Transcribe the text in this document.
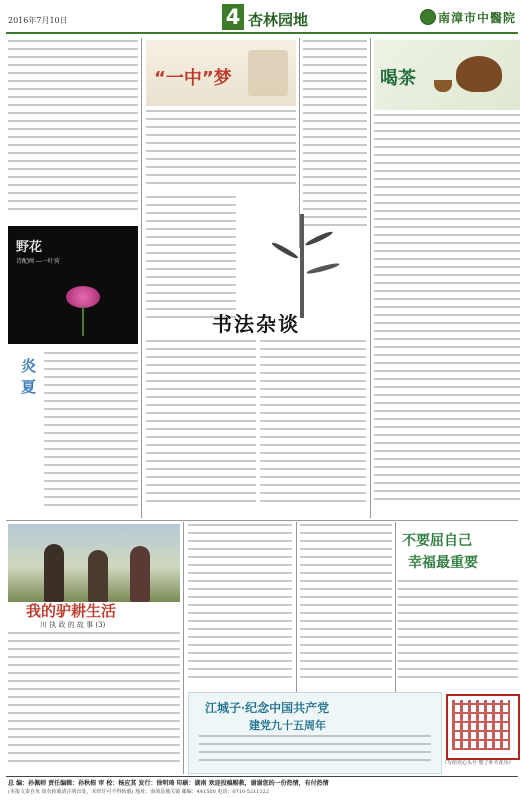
2016年7月10日	4 杏林园地	南漳市中醫院
“一中”梦	喝茶
野花
诗配画 —一叶荷
书法杂谈
炎夏
我的驴耕生活
川 执 政 的 故 事 (3)
不要屈自己
幸福最重要
江城子·纪念中国共产党
建党九十五周年
《写给党心头号 想了补天花乐》
总 编：孙佩师 责任编辑：孙秋根 审 校：杨应其 发行：徐明琦 印刷：湖南 欢迎投稿赐教，谢谢您的一份热情，有付热情
(本报文责自负 如有转载请注明出处，未经许可不得转载) 地址：南漳县城关镇 邮编：441500 电话：0710-5211122
